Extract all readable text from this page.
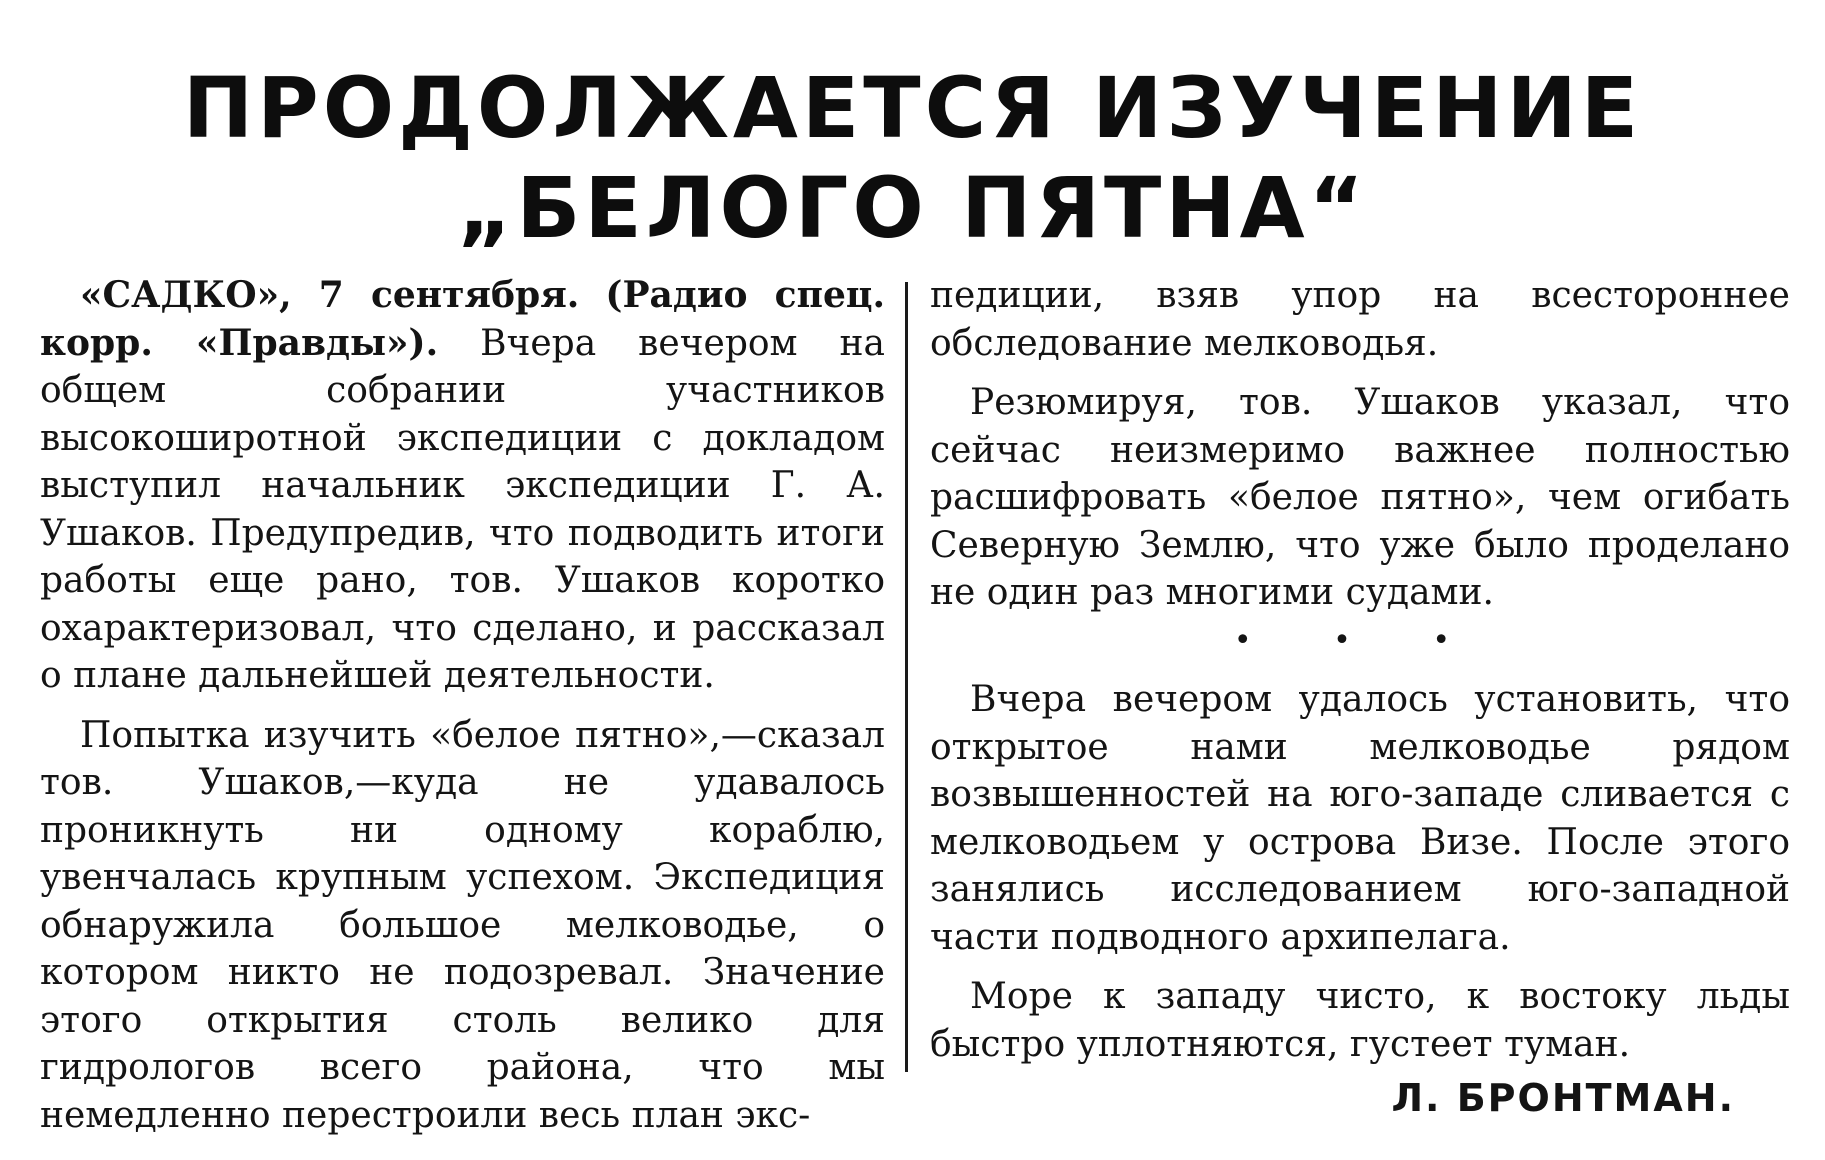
ПРОДОЛЖАЕТСЯ ИЗУЧЕНИЕ
„БЕЛОГО ПЯТНА“

«САДКО», 7 сентября. (Радио спец. корр. «Правды»). Вчера вечером на общем собрании участников высокоширотной экспедиции с докладом выступил начальник экспедиции Г. А. Ушаков. Предупредив, что подводить итоги работы еще рано, тов. Ушаков коротко охарактеризовал, что сделано, и рассказал о плане дальнейшей деятельности.

Попытка изучить «белое пятно»,—сказал тов. Ушаков,—куда не удавалось проникнуть ни одному кораблю, увенчалась крупным успехом. Экспедиция обнаружила большое мелководье, о котором никто не подозревал. Значение этого открытия столь велико для гидрологов всего района, что мы немедленно перестроили весь план экс-

педиции, взяв упор на всестороннее обследование мелководья.

Резюмируя, тов. Ушаков указал, что сейчас неизмеримо важнее полностью расшифровать «белое пятно», чем огибать Северную Землю, что уже было проделано не один раз многими судами.

• • •

Вчера вечером удалось установить, что открытое нами мелководье рядом возвышенностей на юго-западе сливается с мелководьем у острова Визе. После этого занялись исследованием юго-западной части подводного архипелага.

Море к западу чисто, к востоку льды быстро уплотняются, густеет туман.

Л. БРОНТМАН.
